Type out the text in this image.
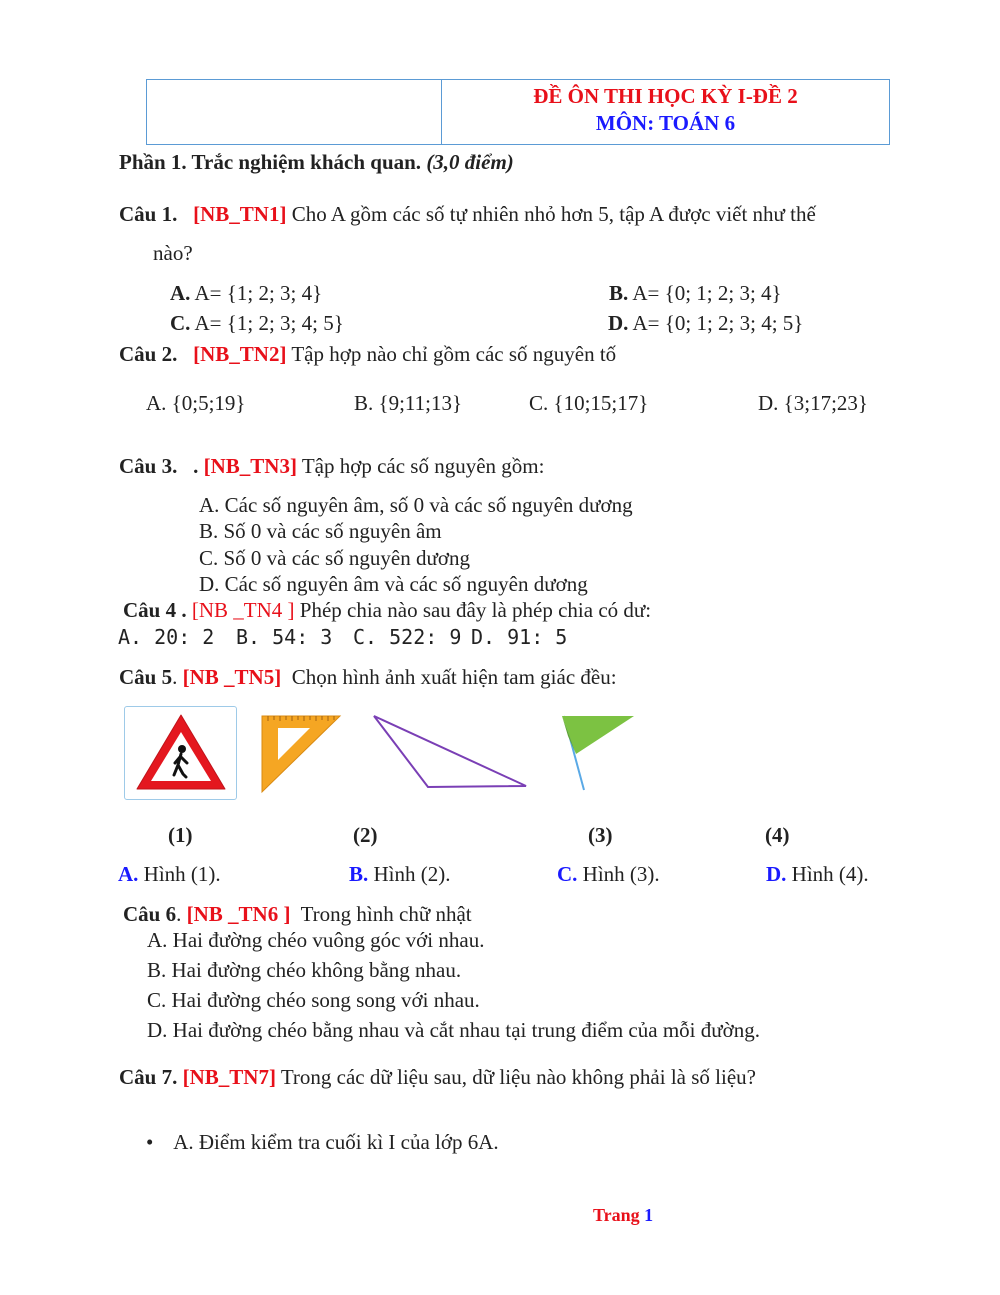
ĐỀ ÔN THI HỌC KỲ I-ĐỀ 2
MÔN: TOÁN 6
Phần 1. Trắc nghiệm khách quan. (3,0 điểm)
Câu 1. [NB_TN1] Cho A gồm các số tự nhiên nhỏ hơn 5, tập A được viết như thế
nào?
A. A= {1; 2; 3; 4}	B. A= {0; 1; 2; 3; 4}
C. A= {1; 2; 3; 4; 5}	D. A= {0; 1; 2; 3; 4; 5}
Câu 2. [NB_TN2] Tập hợp nào chỉ gồm các số nguyên tố
A. {0;5;19}	B. {9;11;13}	C. {10;15;17}	D. {3;17;23}
Câu 3. . [NB_TN3] Tập hợp các số nguyên gồm:
A. Các số nguyên âm, số 0 và các số nguyên dương
B. Số 0 và các số nguyên âm
C. Số 0 và các số nguyên dương
D. Các số nguyên âm và các số nguyên dương
Câu 4 . [NB _TN4 ] Phép chia nào sau đây là phép chia có dư:
A. 20: 2 B. 54: 3 C. 522: 9 D. 91: 5
Câu 5. [NB _TN5] Chọn hình ảnh xuất hiện tam giác đều:
(1)	(2)	(3)	(4)
A. Hình (1).	B. Hình (2).	C. Hình (3).	D. Hình (4).
Câu 6. [NB _TN6 ] Trong hình chữ nhật
A. Hai đường chéo vuông góc với nhau.
B. Hai đường chéo không bằng nhau.
C. Hai đường chéo song song với nhau.
D. Hai đường chéo bằng nhau và cắt nhau tại trung điểm của mỗi đường.
Câu 7. [NB_TN7] Trong các dữ liệu sau, dữ liệu nào không phải là số liệu?
• A. Điểm kiểm tra cuối kì I của lớp 6A.
Trang 1
